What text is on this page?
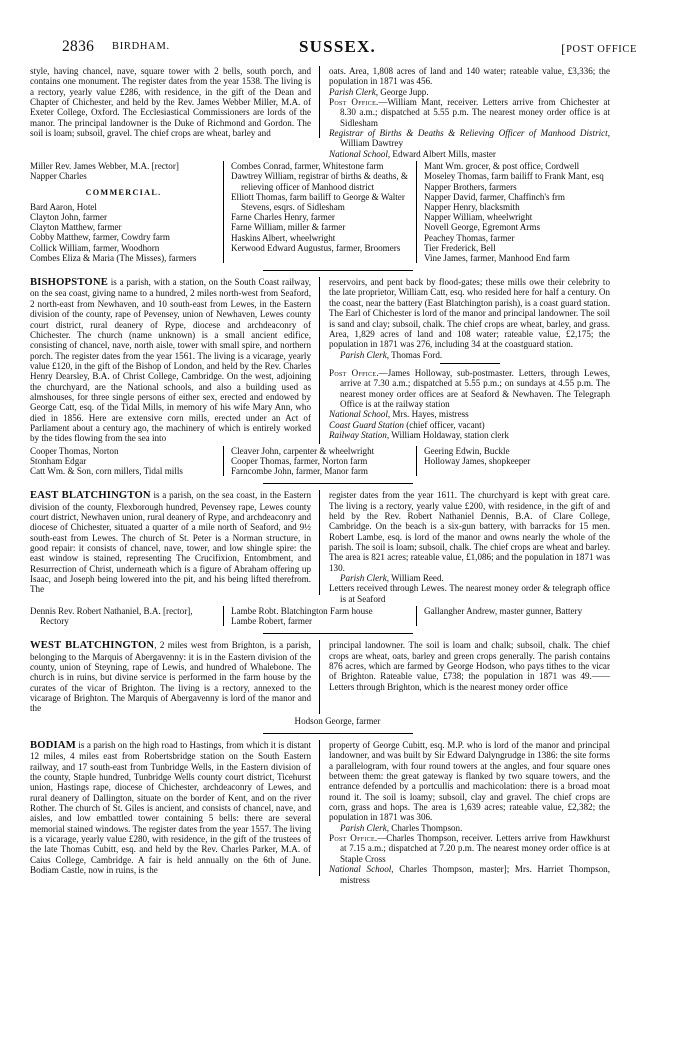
2836 BIRDHAM.	SUSSEX.	[POST OFFICE

style, having chancel, nave, square tower with 2 bells, south porch, and contains one monument. The register dates from the year 1538. The living is a rectory, yearly value £286, with residence, in the gift of the Dean and Chapter of Chichester, and held by the Rev. James Webber Miller, M.A. of Exeter College, Oxford. The Ecclesiastical Commissioners are lords of the manor. The principal landowner is the Duke of Richmond and Gordon. The soil is loam; subsoil, gravel. The chief crops are wheat, barley and

oats. Area, 1,808 acres of land and 140 water; rateable value, £3,336; the population in 1871 was 456.

Parish Clerk, George Jupp.
Post Office.—William Mant, receiver. Letters arrive from Chichester at 8.30 a.m.; dispatched at 5.55 p.m. The nearest money order office is at Sidlesham
Registrar of Births & Deaths & Relieving Officer of Manhood District, William Dawtrey
National School, Edward Albert Mills, master
Miller Rev. James Webber, M.A. [rector]
Napper Charles
COMMERCIAL.
Bard Aaron, Hotel
Clayton John, farmer
Clayton Matthew, farmer
Cobby Matthew, farmer, Cowdry farm
Collick William, farmer, Woodhorn
Combes Eliza & Maria (The Misses), farmers
Combes Conrad, farmer, Whitestone farm
Dawtrey William, registrar of births & deaths, & relieving officer of Manhood district
Elliott Thomas, farm bailiff to George & Walter Stevens, esqrs. of Sidlesham
Farne Charles Henry, farmer
Farne William, miller & farmer
Haskins Albert, wheelwright
Kerwood Edward Augustus, farmer, Broomers
Mant Wm. grocer, & post office, Cordwell
Moseley Thomas, farm bailiff to Frank Mant, esq
Napper Brothers, farmers
Napper David, farmer, Chaffinch's frm
Napper Henry, blacksmith
Napper William, wheelwright
Novell George, Egremont Arms
Peachey Thomas, farmer
Tier Frederick, Bell
Vine James, farmer, Manhood End farm

BISHOPSTONE is a parish, with a station, on the South Coast railway, on the sea coast, giving name to a hundred, 2 miles north-west from Seaford, 2 north-east from Newhaven, and 10 south-east from Lewes, in the Eastern division of the county, rape of Pevensey, union of Newhaven, Lewes county court district, rural deanery of Rype, diocese and archdeaconry of Chichester. The church (name unknown) is a small ancient edifice, consisting of chancel, nave, north aisle, tower with small spire, and northern porch. The register dates from the year 1561. The living is a vicarage, yearly value £120, in the gift of the Bishop of London, and held by the Rev. Charles Henry Dearsley, B.A. of Christ College, Cambridge. On the west, adjoining the churchyard, are the National schools, and also a building used as almshouses, for three single persons of either sex, erected and endowed by George Catt, esq. of the Tidal Mills, in memory of his wife Mary Ann, who died in 1856. Here are extensive corn mills, erected under an Act of Parliament about a century ago, the machinery of which is entirely worked by the tides flowing from the sea into

reservoirs, and pent back by flood-gates; these mills owe their celebrity to the late proprietor, William Catt, esq. who resided here for half a century. On the coast, near the battery (East Blatchington parish), is a coast guard station. The Earl of Chichester is lord of the manor and principal landowner. The soil is sand and clay; subsoil, chalk. The chief crops are wheat, barley, and grass. Area, 1,829 acres of land and 108 water; rateable value, £2,175; the population in 1871 was 276, including 34 at the coastguard station.

Parish Clerk, Thomas Ford.
Post Office.—James Holloway, sub-postmaster. Letters, through Lewes, arrive at 7.30 a.m.; dispatched at 5.55 p.m.; on sundays at 4.55 p.m. The nearest money order offices are at Seaford & Newhaven. The Telegraph Office is at the railway station
National School, Mrs. Hayes, mistress
Coast Guard Station (chief officer, vacant)
Railway Station, William Holdaway, station clerk
Cooper Thomas, Norton
Stonham Edgar
Catt Wm. & Son, corn millers, Tidal mills
Cleaver John, carpenter & wheelwright
Cooper Thomas, farmer, Norton farm
Farncombe John, farmer, Manor farm
Geering Edwin, Buckle
Holloway James, shopkeeper

EAST BLATCHINGTON is a parish, on the sea coast, in the Eastern division of the county, Flexborough hundred, Pevensey rape, Lewes county court district, Newhaven union, rural deanery of Rype, and archdeaconry and diocese of Chichester, situated a quarter of a mile north of Seaford, and 9½ south-east from Lewes. The church of St. Peter is a Norman structure, in good repair: it consists of chancel, nave, tower, and low shingle spire: the east window is stained, representing The Crucifixion, Entombment, and Resurrection of Christ, underneath which is a figure of Abraham offering up Isaac, and Joseph being lowered into the pit, and his being lifted therefrom. The

register dates from the year 1611. The churchyard is kept with great care. The living is a rectory, yearly value £200, with residence, in the gift of and held by the Rev. Robert Nathaniel Dennis, B.A. of Clare College, Cambridge. On the beach is a six-gun battery, with barracks for 15 men. Robert Lambe, esq. is lord of the manor and owns nearly the whole of the parish. The soil is loam; subsoil, chalk. The chief crops are wheat and barley. The area is 821 acres; rateable value, £1,086; and the population in 1871 was 130.

Parish Clerk, William Reed.
Letters received through Lewes. The nearest money order & telegraph office is at Seaford
Dennis Rev. Robert Nathaniel, B.A. [rector], Rectory
Lambe Robt. Blatchington Farm house
Lambe Robert, farmer
Gallangher Andrew, master gunner, Battery

WEST BLATCHINGTON, 2 miles west from Brighton, is a parish, belonging to the Marquis of Abergavenny: it is in the Eastern division of the county, union of Steyning, rape of Lewis, and hundred of Whalebone. The church is in ruins, but divine service is performed in the farm house by the curates of the vicar of Brighton. The living is a rectory, annexed to the vicarage of Brighton. The Marquis of Abergavenny is lord of the manor and the

principal landowner. The soil is loam and chalk; subsoil, chalk. The chief crops are wheat, oats, barley and green crops generally. The parish contains 876 acres, which are farmed by George Hodson, who pays tithes to the vicar of Brighton. Rateable value, £738; the population in 1871 was 49.——Letters through Brighton, which is the nearest money order office

Hodson George, farmer

BODIAM is a parish on the high road to Hastings, from which it is distant 12 miles, 4 miles east from Robertsbridge station on the South Eastern railway, and 17 south-east from Tunbridge Wells, in the Eastern division of the county, Staple hundred, Tunbridge Wells county court district, Ticehurst union, Hastings rape, diocese of Chichester, archdeaconry of Lewes, and rural deanery of Dallington, situate on the border of Kent, and on the river Rother. The church of St. Giles is ancient, and consists of chancel, nave, and aisles, and low embattled tower containing 5 bells: there are several memorial stained windows. The register dates from the year 1557. The living is a vicarage, yearly value £280, with residence, in the gift of the trustees of the late Thomas Cubitt, esq. and held by the Rev. Charles Parker, M.A. of Caius College, Cambridge. A fair is held annually on the 6th of June. Bodiam Castle, now in ruins, is the

property of George Cubitt, esq. M.P. who is lord of the manor and principal landowner, and was built by Sir Edward Dalyngrudge in 1386: the site forms a parallelogram, with four round towers at the angles, and four square ones between them: the great gateway is flanked by two square towers, and the entrance defended by a portcullis and machicolation: there is a broad moat round it. The soil is loamy; subsoil, clay and gravel. The chief crops are corn, grass and hops. The area is 1,639 acres; rateable value, £2,382; the population in 1871 was 306.

Parish Clerk, Charles Thompson.
Post Office.—Charles Thompson, receiver. Letters arrive from Hawkhurst at 7.15 a.m.; dispatched at 7.20 p.m. The nearest money order office is at Staple Cross
National School, Charles Thompson, master]; Mrs. Harriet Thompson, mistress
